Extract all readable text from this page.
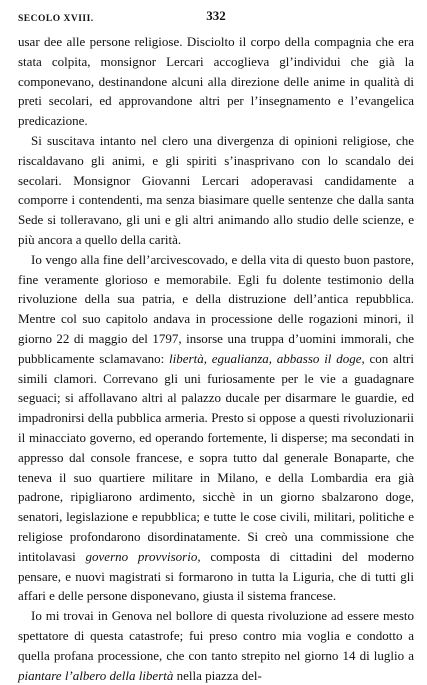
SECOLO XVIII.	332

usar dee alle persone religiose. Disciolto il corpo della compagnia che era stata colpita, monsignor Lercari accoglieva gl’individui che già la componevano, destinandone alcuni alla direzione delle anime in qualità di preti secolari, ed approvandone altri per l’insegnamento e l’evangelica predicazione.

Si suscitava intanto nel clero una divergenza di opinioni religiose, che riscaldavano gli animi, e gli spiriti s’inasprivano con lo scandalo dei secolari. Monsignor Giovanni Lercari adoperavasi candidamente a comporre i contendenti, ma senza biasimare quelle sentenze che dalla santa Sede si tolleravano, gli uni e gli altri animando allo studio delle scienze, e più ancora a quello della carità.

Io vengo alla fine dell’arcivescovado, e della vita di questo buon pastore, fine veramente glorioso e memorabile. Egli fu dolente testimonio della rivoluzione della sua patria, e della distruzione dell’antica repubblica. Mentre col suo capitolo andava in processione delle rogazioni minori, il giorno 22 di maggio del 1797, insorse una truppa d’uomini immorali, che pubblicamente sclamavano: libertà, egualianza, abbasso il doge, con altri simili clamori. Correvano gli uni furiosamente per le vie a guadagnare seguaci; si affollavano altri al palazzo ducale per disarmare le guardie, ed impadronirsi della pubblica armeria. Presto si oppose a questi rivoluzionarii il minacciato governo, ed operando fortemente, li disperse; ma secondati in appresso dal console francese, e sopra tutto dal generale Bonaparte, che teneva il suo quartiere militare in Milano, e della Lombardia era già padrone, ripigliarono ardimento, sicchè in un giorno sbalzarono doge, senatori, legislazione e repubblica; e tutte le cose civili, militari, politiche e religiose profondarono disordinatamente. Si creò una commissione che intitolavasi governo provvisorio, composta di cittadini del moderno pensare, e nuovi magistrati si formarono in tutta la Liguria, che di tutti gli affari e delle persone disponevano, giusta il sistema francese.

Io mi trovai in Genova nel bollore di questa rivoluzione ad essere mesto spettatore di questa catastrofe; fui preso contro mia voglia e condotto a quella profana processione, che con tanto strepito nel giorno 14 di luglio a piantare l’albero della libertà nella piazza del-
